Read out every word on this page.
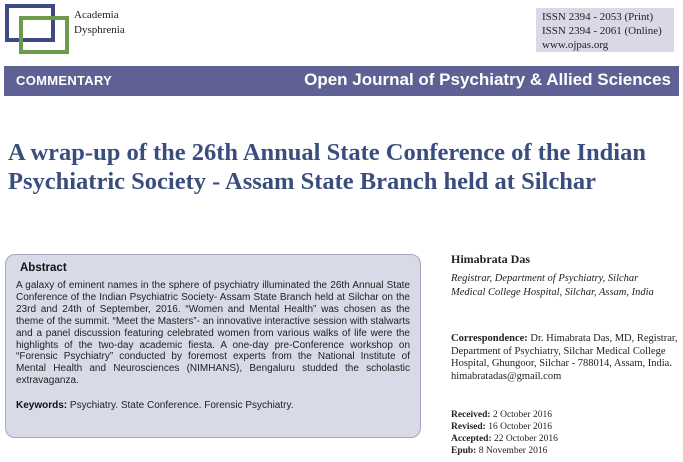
Academia
Dysphrenia
ISSN 2394 - 2053 (Print)
ISSN 2394 - 2061 (Online)
www.ojpas.org
COMMENTARY	Open Journal of Psychiatry & Allied Sciences
A wrap-up of the 26th Annual State Conference of the Indian Psychiatric Society - Assam State Branch held at Silchar
Abstract
A galaxy of eminent names in the sphere of psychiatry illuminated the 26th Annual State Conference of the Indian Psychiatric Society- Assam State Branch held at Silchar on the 23rd and 24th of September, 2016. “Women and Mental Health” was chosen as the theme of the summit. “Meet the Masters”- an innovative interactive session with stalwarts and a panel discussion featuring celebrated women from various walks of life were the highlights of the two-day academic fiesta. A one-day pre-Conference workshop on “Forensic Psychiatry” conducted by foremost experts from the National Institute of Mental Health and Neurosciences (NIMHANS), Bengaluru studded the scholastic extravaganza.
Keywords: Psychiatry. State Conference. Forensic Psychiatry.
Himabrata Das
Registrar, Department of Psychiatry, Silchar
Medical College Hospital, Silchar, Assam, India
Correspondence: Dr. Himabrata Das, MD, Registrar, Department of Psychiatry, Silchar Medical College Hospital, Ghungoor, Silchar - 788014, Assam, India.
himabratadas@gmail.com
Received: 2 October 2016
Revised: 16 October 2016
Accepted: 22 October 2016
Epub: 8 November 2016
